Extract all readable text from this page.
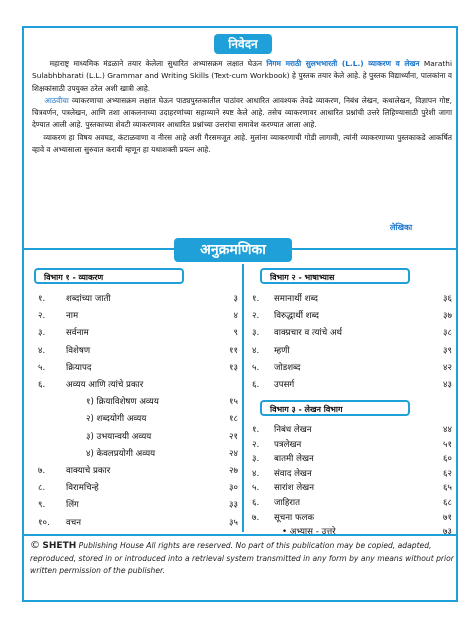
निवेदन

महाराष्ट्र माध्यमिक मंडळाने तयार केलेला सुधारित अभ्यासक्रम लक्षात घेऊन निगम मराठी सुलभभारती (L.L.) व्याकरण व लेखन Marathi Sulabhbharati (L.L.) Grammar and Writing Skills (Text-cum Workbook) हे पुस्तक तयार केले आहे. हे पुस्तक विद्यार्थ्यांना, पालकांना व शिक्षकांसाठी उपयुक्त ठरेल अशी खात्री आहे.

आठवीचा व्याकरणाचा अभ्यासक्रम लक्षात घेऊन पाठ्यपुस्तकातील पाठांवर आधारित आवश्यक तेवढे व्याकरण, निबंध लेखन, कथालेखन, विज्ञापन गोष्ट, चित्रवर्णन, पत्रलेखन, आणि तशा आकलनाच्या उदाहरणांच्या सहाय्याने स्पष्ट केले आहे. तसेच व्याकरणावर आधारित प्रश्नांची उत्तरे लिहिण्यासाठी पुरेशी जागा देण्यात आली आहे. पुस्तकाच्या शेवटी व्याकरणावर आधारित प्रश्नांच्या उत्तरांचा समावेश करण्यात आला आहे.

व्याकरण हा विषय अवघड, कंटाळवाणा व नीरस आहे अशी गैरसमजूत आहे. मुलांना व्याकरणाची गोडी लागावी, त्यांनी व्याकरणाच्या पुस्तकाकडे आकर्षित व्हावे व अभ्यासाला सुरुवात करावी म्हणून हा यथाशक्ती प्रयत्न आहे.

लेखिका
अनुक्रमणिका
विभाग १ - व्याकरण
१. शब्दांच्या जाती	३
२. नाम	४
३. सर्वनाम	९
४. विशेषण	११
५. क्रियापद	१३
६. अव्यय आणि त्यांचे प्रकार
१) क्रियाविशेषण अव्यय	१५
२) शब्दयोगी अव्यय	१८
३) उभयान्वयी अव्यय	२१
४) केवलप्रयोगी अव्यय	२४
७. वाक्याचे प्रकार	२७
८. विरामचिन्हे	३०
९. लिंग	३३
१०. वचन	३५
विभाग २ - भाषाभ्यास
१. समानार्थी शब्द	३६
२. विरुद्धार्थी शब्द	३७
३. वाक्प्रचार व त्यांचे अर्थ	३८
४. म्हणी	३९
५. जोडशब्द	४२
६. उपसर्ग	४३
विभाग ३ - लेखन विभाग
१. निबंध लेखन	४४
२. पत्रलेखन	५१
३. बातमी लेखन	६०
४. संवाद लेखन	६२
५. सारांश लेखन	६५
६. जाहिरात	६८
७. सूचना फलक	७१
• अभ्यास - उत्तरे	७३
© SHETH Publishing House All rights are reserved. No part of this publication may be copied, adapted, reproduced, stored in or introduced into a retrieval system transmitted in any form by any means without prior written permission of the publisher.
